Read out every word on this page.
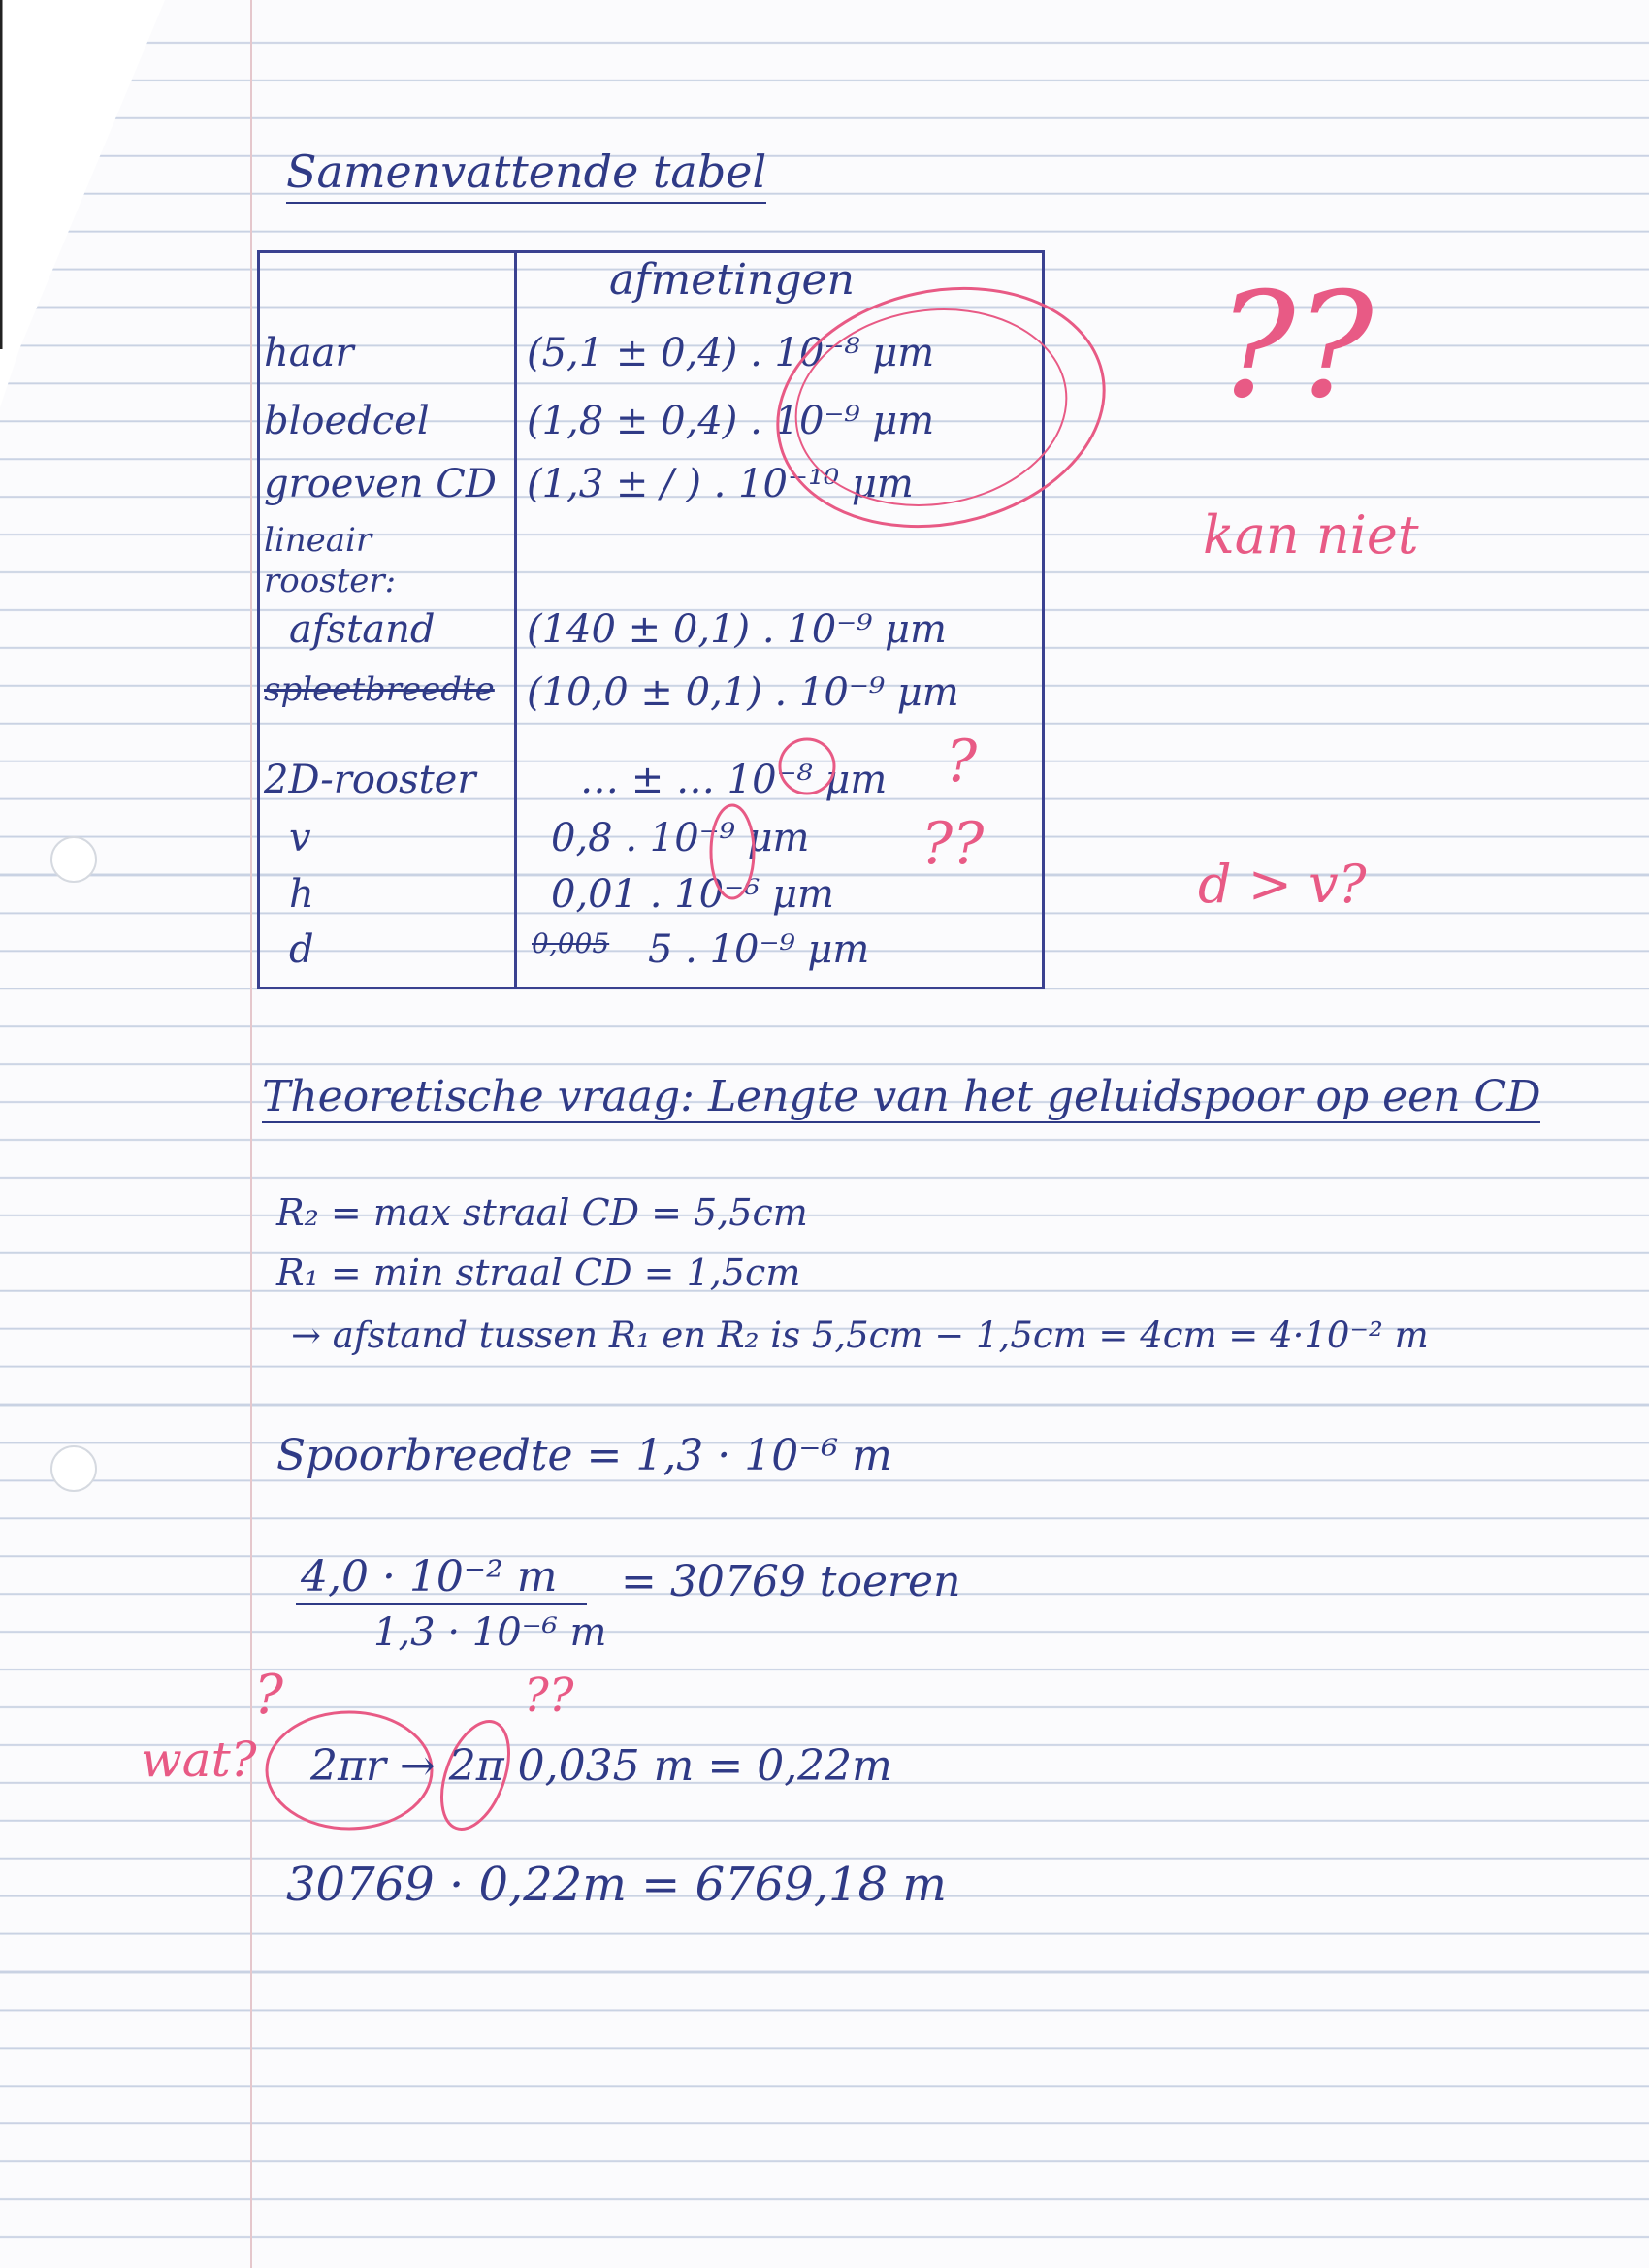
Samenvattende tabel
afmetingen
haar	(5,1 ± 0,4) . 10⁻⁸ μm
bloedcel	(1,8 ± 0,4) . 10⁻⁹ μm
groeven CD (1,3 ± / ) . 10⁻¹⁰ μm
lineair rooster:
afstand (140 ± 0,1) . 10⁻⁹ μm
spleetbreedte (10,0 ± 0,1) . 10⁻⁹ μm
2D-rooster	… ± … 10⁻⁸ μm
v	0,8 . 10⁻⁹ μm
h	0,01 . 10⁻⁶ μm
d	0,005 5 . 10⁻⁹ μm
??
kan niet
?
??
d > v?
wat?
?	??
Theoretische vraag: Lengte van het geluidspoor op een CD
R₂ = max straal CD = 5,5cm
R₁ = min straal CD = 1,5cm
→ afstand tussen R₁ en R₂ is 5,5cm − 1,5cm = 4cm = 4·10⁻² m
Spoorbreedte = 1,3 · 10⁻⁶ m
4,0 · 10⁻² m
1,3 · 10⁻⁶ m
= 30769 toeren
2πr → 2π 0,035 m = 0,22m
30769 · 0,22m = 6769,18 m
